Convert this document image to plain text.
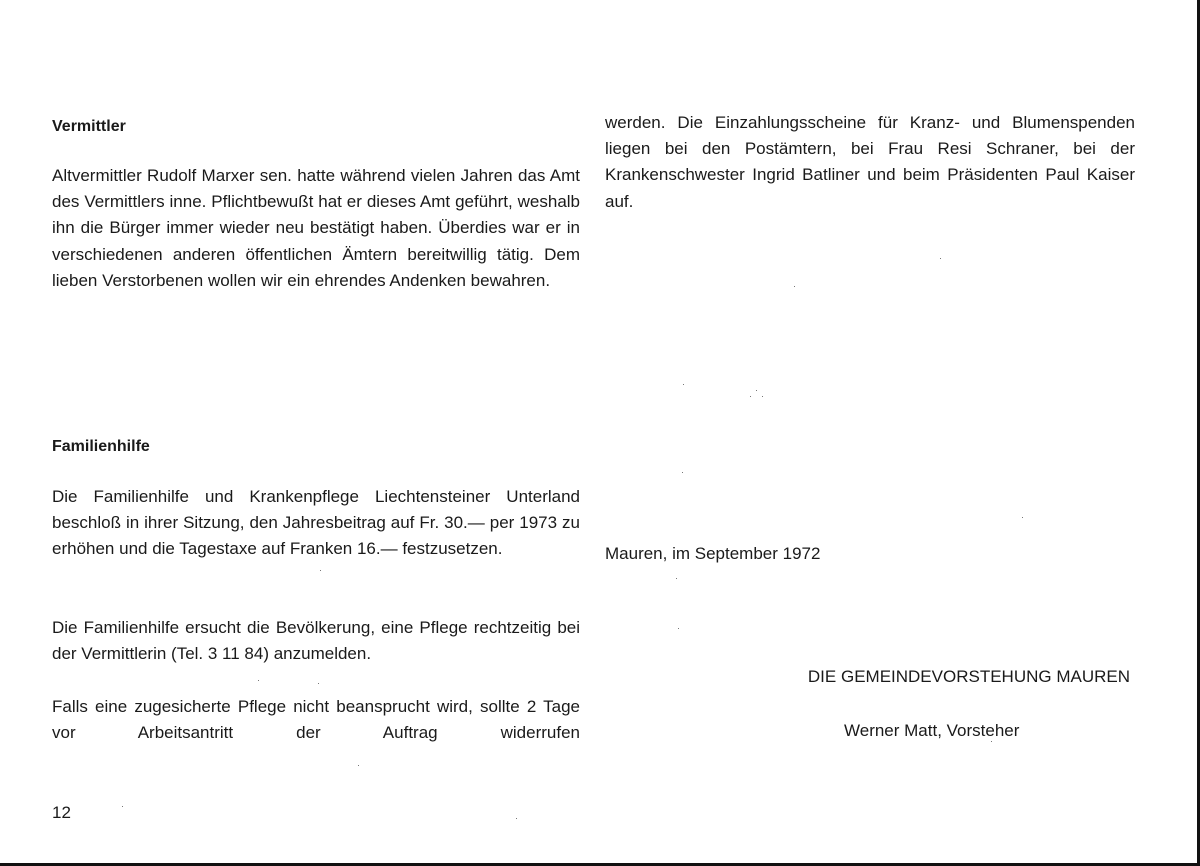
Vermittler

Altvermittler Rudolf Marxer sen. hatte während vielen Jahren das Amt des Vermittlers inne. Pflichtbewußt hat er dieses Amt geführt, weshalb ihn die Bürger immer wieder neu bestätigt haben. Überdies war er in verschiedenen anderen öffentlichen Ämtern bereitwillig tätig. Dem lieben Verstorbenen wollen wir ein ehrendes Andenken bewahren.

Familienhilfe

Die Familienhilfe und Krankenpflege Liechtensteiner Unterland beschloß in ihrer Sitzung, den Jahresbeitrag auf Fr. 30.— per 1973 zu erhöhen und die Tagestaxe auf Franken 16.— festzusetzen.

Die Familienhilfe ersucht die Bevölkerung, eine Pflege rechtzeitig bei der Vermittlerin (Tel. 3 11 84) anzumelden.

Falls eine zugesicherte Pflege nicht beansprucht wird, sollte 2 Tage vor Arbeitsantritt der Auftrag widerrufen

werden. Die Einzahlungsscheine für Kranz- und Blumenspenden liegen bei den Postämtern, bei Frau Resi Schraner, bei der Krankenschwester Ingrid Batliner und beim Präsidenten Paul Kaiser auf.

Mauren, im September 1972

DIE GEMEINDEVORSTEHUNG MAUREN

Werner Matt, Vorsteher

12
